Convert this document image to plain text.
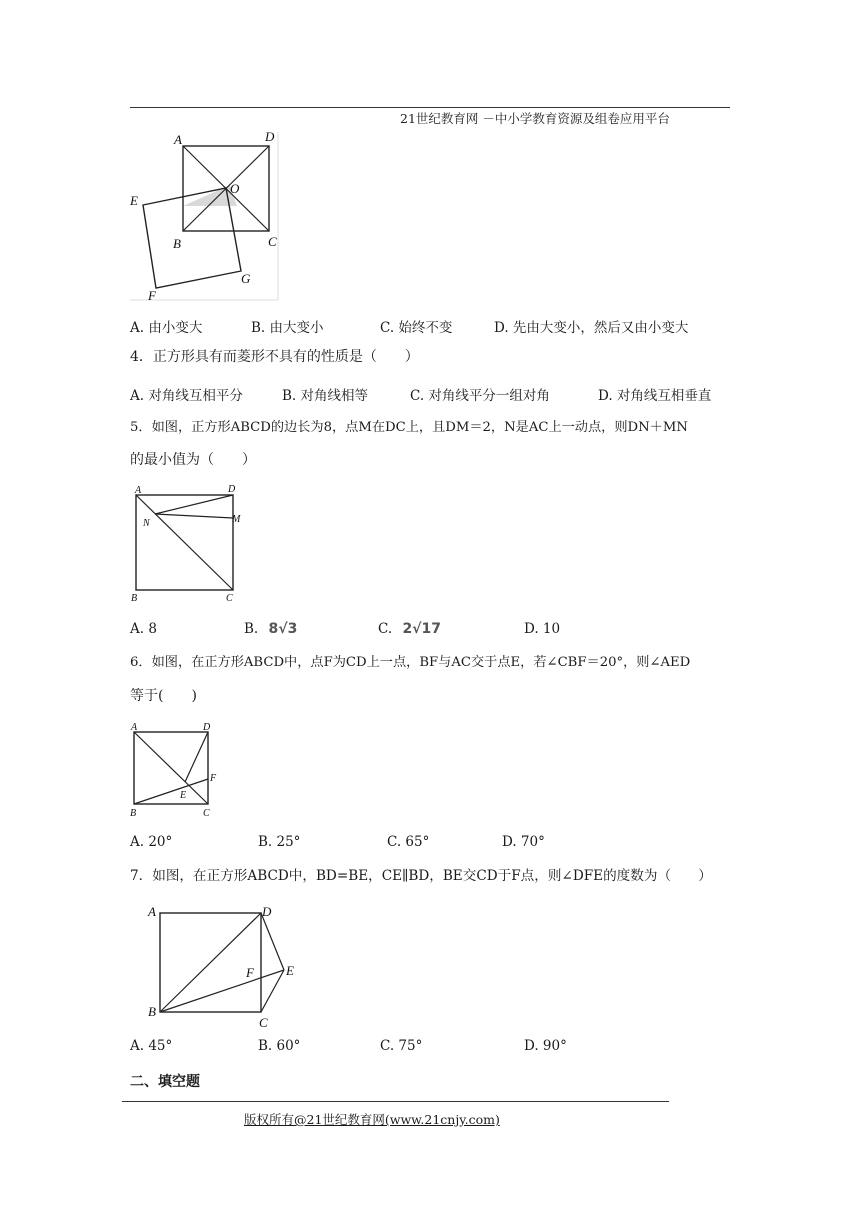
21世纪教育网 －中小学教育资源及组卷应用平台
A	D
O
E
B	C
G
F
A. 由小变大	B. 由大变小	C. 始终不变	D. 先由大变小，然后又由小变大
4．正方形具有而菱形不具有的性质是（　　）
A. 对角线互相平分	B. 对角线相等	C. 对角线平分一组对角	D. 对角线互相垂直
5．如图，正方形ABCD的边长为8，点M在DC上，且DM＝2，N是AC上一动点，则DN＋MN
的最小值为（　　）
A	D
N	M
B	C
A. 8	B. 8√3	C. 2√17	D. 10
6．如图，在正方形ABCD中，点F为CD上一点，BF与AC交于点E，若∠CBF＝20°，则∠AED
等于(　　)
A	D
F
E
B	C
A. 20°	B. 25°	C. 65°	D. 70°
7．如图，在正方形ABCD中，BD=BE，CE∥BD，BE交CD于F点，则∠DFE的度数为（　　）
A	D
F E
B
C
A. 45°	B. 60°	C. 75°	D. 90°
二、填空题
版权所有@21世纪教育网(www.21cnjy.com)
